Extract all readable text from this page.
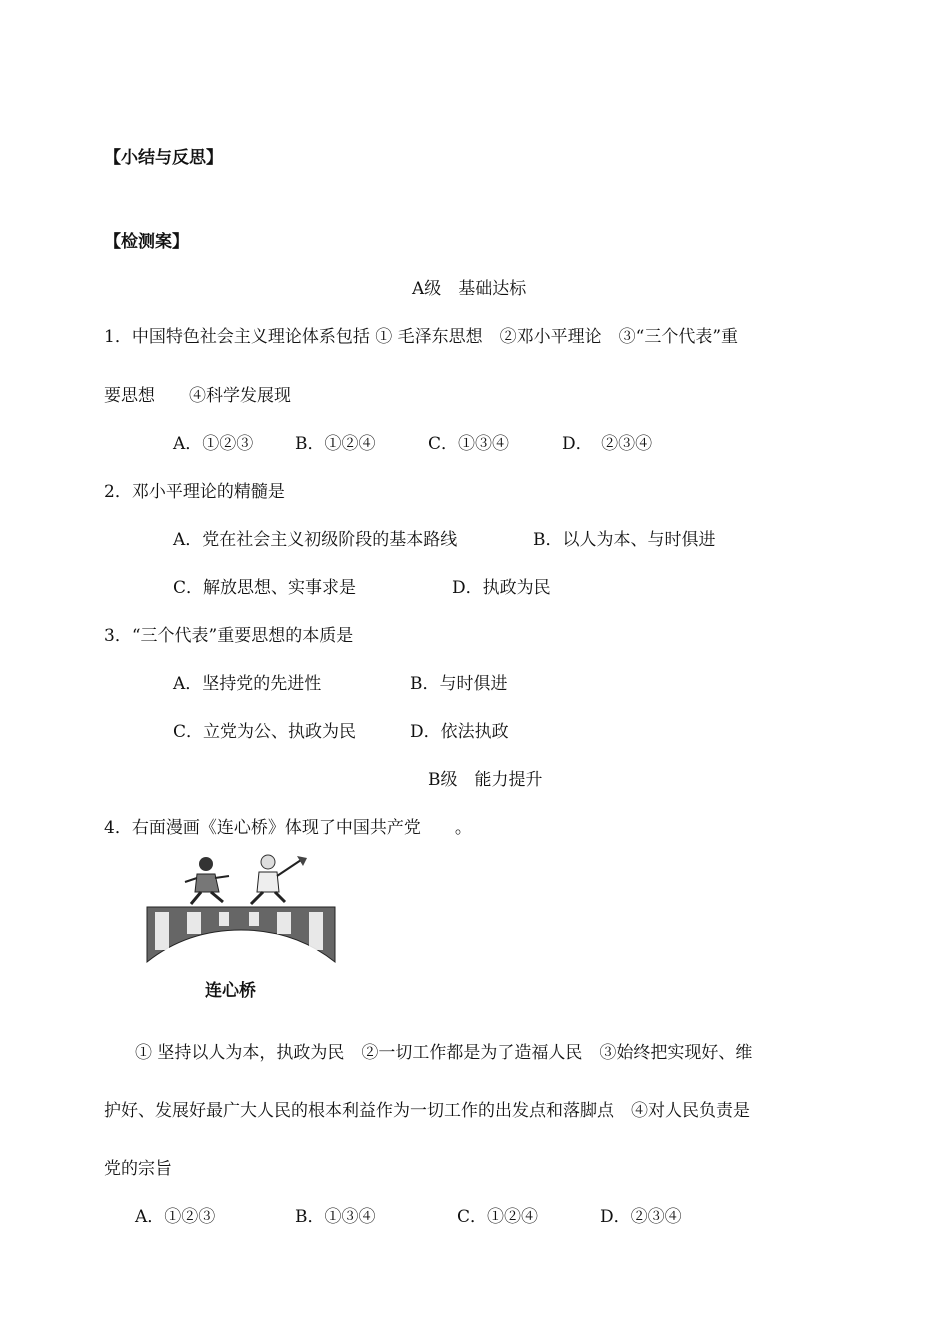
【小结与反思】
【检测案】
A级　基础达标
1．中国特色社会主义理论体系包括 ① 毛泽东思想　②邓小平理论　③“三个代表”重
要思想　　④科学发展现
A．①②③ B．①②④	C．①③④	D．　②③④
2．邓小平理论的精髓是
A．党在社会主义初级阶段的基本路线	B．以人为本、与时俱进
C．解放思想、实事求是	D．执政为民
3．“三个代表”重要思想的本质是
A．坚持党的先进性	B．与时俱进
C．立党为公、执政为民	D．依法执政
B级　能力提升
4．右面漫画《连心桥》体现了中国共产党　　。
连心桥
① 坚持以人为本，执政为民　②一切工作都是为了造福人民　③始终把实现好、维
护好、发展好最广大人民的根本利益作为一切工作的出发点和落脚点　④对人民负责是
党的宗旨
A．①②③	B．①③④	C．①②④	D．②③④
